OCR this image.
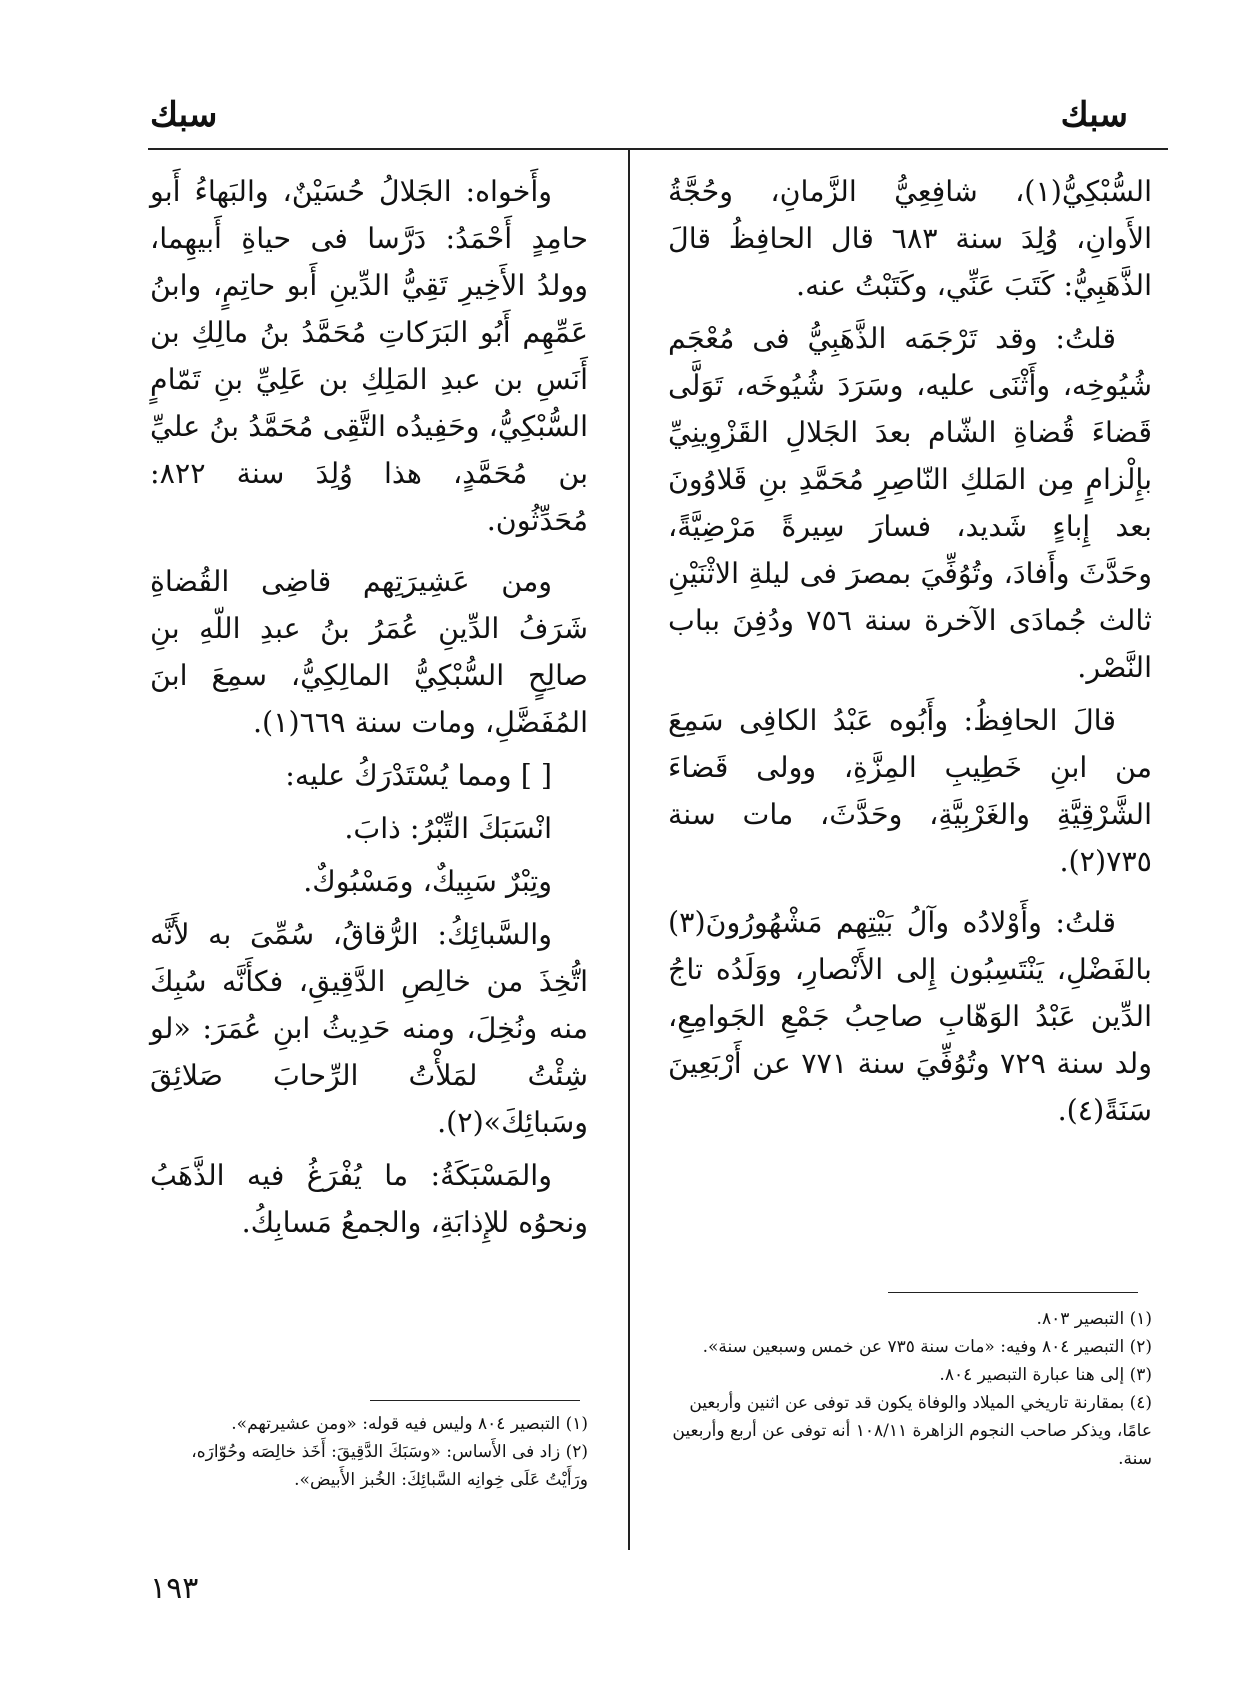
سبك
سبك

السُّبْكِيُّ(١)، شافِعِيُّ الزَّمانِ، وحُجَّةُ الأَوانِ، وُلِدَ سنة ٦٨٣ قال الحافِظُ قالَ الذَّهَبِيُّ: كَتَبَ عَنِّي، وكَتَبْتُ عنه.

قلتُ: وقد تَرْجَمَه الذَّهَبِيُّ فى مُعْجَم شُيُوخِه، وأَثْنَى عليه، وسَرَدَ شُيُوخَه، تَوَلَّى قَضاءَ قُضاةِ الشّام بعدَ الجَلالِ القَزْوِينِيِّ بإِلْزامٍ مِن المَلكِ النّاصِرِ مُحَمَّدِ بنِ قَلاوُونَ بعد إِباءٍ شَديد، فسارَ سِيرةً مَرْضِيَّةً، وحَدَّثَ وأَفادَ، وتُوُفِّيَ بمصرَ فى ليلةِ الاثْنَيْنِ ثالث جُمادَى الآخرة سنة ٧٥٦ ودُفِنَ بباب النَّصْر.

قالَ الحافِظُ: وأَبُوه عَبْدُ الكافِى سَمِعَ من ابنِ خَطِيبِ المِزَّةِ، وولى قَضاءَ الشَّرْقِيَّةِ والغَرْبِيَّةِ، وحَدَّثَ، مات سنة ٧٣٥(٢).

قلتُ: وأَوْلادُه وآلُ بَيْتِهم مَشْهُورُونَ(٣) بالفَضْلِ، يَنْتَسِبُون إِلى الأَنْصارِ، ووَلَدُه تاجُ الدِّين عَبْدُ الوَهّابِ صاحِبُ جَمْعِ الجَوامِعِ، ولد سنة ٧٢٩ وتُوُفِّيَ سنة ٧٧١ عن أَرْبَعِينَ سَنَةً(٤).

وأَخواه: الجَلالُ حُسَيْنٌ، والبَهاءُ أَبو حامِدٍ أَحْمَدُ: دَرَّسا فى حياةِ أَبيهِما، وولدُ الأَخِيرِ تَقِيُّ الدِّينِ أَبو حاتِمٍ، وابنُ عَمِّهِم أَبُو البَرَكاتِ مُحَمَّدُ بنُ مالِكِ بن أَنَسِ بن عبدِ المَلِكِ بن عَلِيِّ بنِ تَمّامٍ السُّبْكِيُّ، وحَفِيدُه التَّقِى مُحَمَّدُ بنُ عليِّ بن مُحَمَّدٍ، هذا وُلِدَ سنة ٨٢٢: مُحَدِّثُون.

ومن عَشِيرَتِهم قاضِى القُضاةِ شَرَفُ الدِّينِ عُمَرُ بنُ عبدِ اللّهِ بنِ صالِحٍ السُّبْكِيُّ المالِكِيُّ، سمِعَ ابنَ المُفَضَّلِ، ومات سنة ٦٦٩(١).

[ ] ومما يُسْتَدْرَكُ عليه:

انْسَبَكَ التِّبْرُ: ذابَ.

وتِبْرٌ سَبِيكٌ، ومَسْبُوكٌ.

والسَّبائِكُ: الرُّقاقُ، سُمِّىَ به لأَنَّه اتُّخِذَ من خالِصِ الدَّقِيقِ، فكأَنَّه سُبِكَ منه ونُخِلَ، ومنه حَدِيثُ ابنِ عُمَرَ: «لو شِئْتُ لمَلأْتُ الرِّحابَ صَلائِقَ وسَبائِكَ»(٢).

والمَسْبَكَةُ: ما يُفْرَغُ فيه الذَّهَبُ ونحوُه للإِذابَةِ، والجمعُ مَسابِكُ.

(١) التبصير ٨٠٣.

(٢) التبصير ٨٠٤ وفيه: «مات سنة ٧٣٥ عن خمس وسبعين سنة».

(٣) إلى هنا عبارة التبصير ٨٠٤.

(٤) بمقارنة تاريخي الميلاد والوفاة يكون قد توفى عن اثنين وأربعين عامًا، ويذكر صاحب النجوم الزاهرة ١٠٨/١١ أنه توفى عن أربع وأربعين سنة.

(١) التبصير ٨٠٤ وليس فيه قوله: «ومن عشيرتهم».

(٢) زاد فى الأَساس: «وسَبَكَ الدَّقِيقَ: أَخَذ خالِصَه وحُوّارَه، ورَأَيْتُ عَلَى خِوانِه السَّبائِكَ: الخُبز الأَبيض».

١٩٣
